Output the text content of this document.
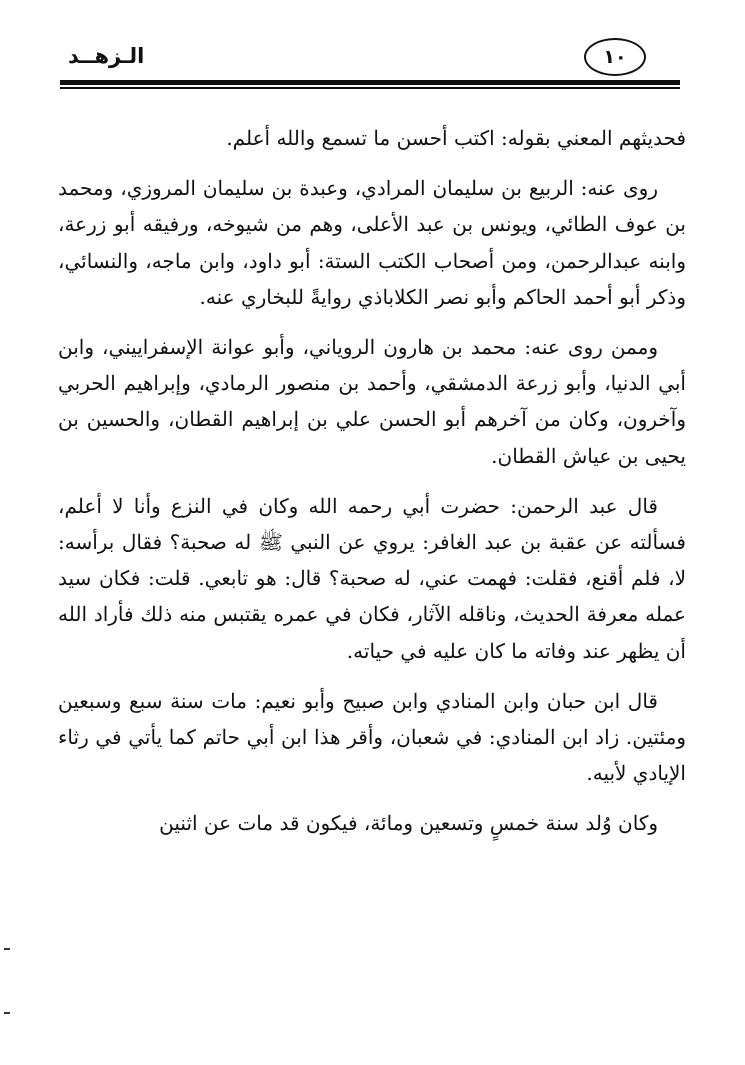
الـزهــد	١٠

فحديثهم المعني بقوله: اكتب أحسن ما تسمع والله أعلم.

روى عنه: الربيع بن سليمان المرادي، وعبدة بن سليمان المروزي، ومحمد بن عوف الطائي، ويونس بن عبد الأعلى، وهم من شيوخه، ورفيقه أبو زرعة، وابنه عبدالرحمن، ومن أصحاب الكتب الستة: أبو داود، وابن ماجه، والنسائي، وذكر أبو أحمد الحاكم وأبو نصر الكلاباذي روايةً للبخاري عنه.

وممن روى عنه: محمد بن هارون الروياني، وأبو عوانة الإسفراييني، وابن أبي الدنيا، وأبو زرعة الدمشقي، وأحمد بن منصور الرمادي، وإبراهيم الحربي وآخرون، وكان من آخرهم أبو الحسن علي بن إبراهيم القطان، والحسين بن يحيى بن عياش القطان.

قال عبد الرحمن: حضرت أبي رحمه الله وكان في النزع وأنا لا أعلم، فسألته عن عقبة بن عبد الغافر: يروي عن النبي ﷺ له صحبة؟ فقال برأسه: لا، فلم أقنع، فقلت: فهمت عني، له صحبة؟ قال: هو تابعي. قلت: فكان سيد عمله معرفة الحديث، وناقله الآثار، فكان في عمره يقتبس منه ذلك فأراد الله أن يظهر عند وفاته ما كان عليه في حياته.

قال ابن حبان وابن المنادي وابن صبيح وأبو نعيم: مات سنة سبع وسبعين ومئتين. زاد ابن المنادي: في شعبان، وأقر هذا ابن أبي حاتم كما يأتي في رثاء الإيادي لأبيه.

وكان وُلد سنة خمسٍ وتسعين ومائة، فيكون قد مات عن اثنين
